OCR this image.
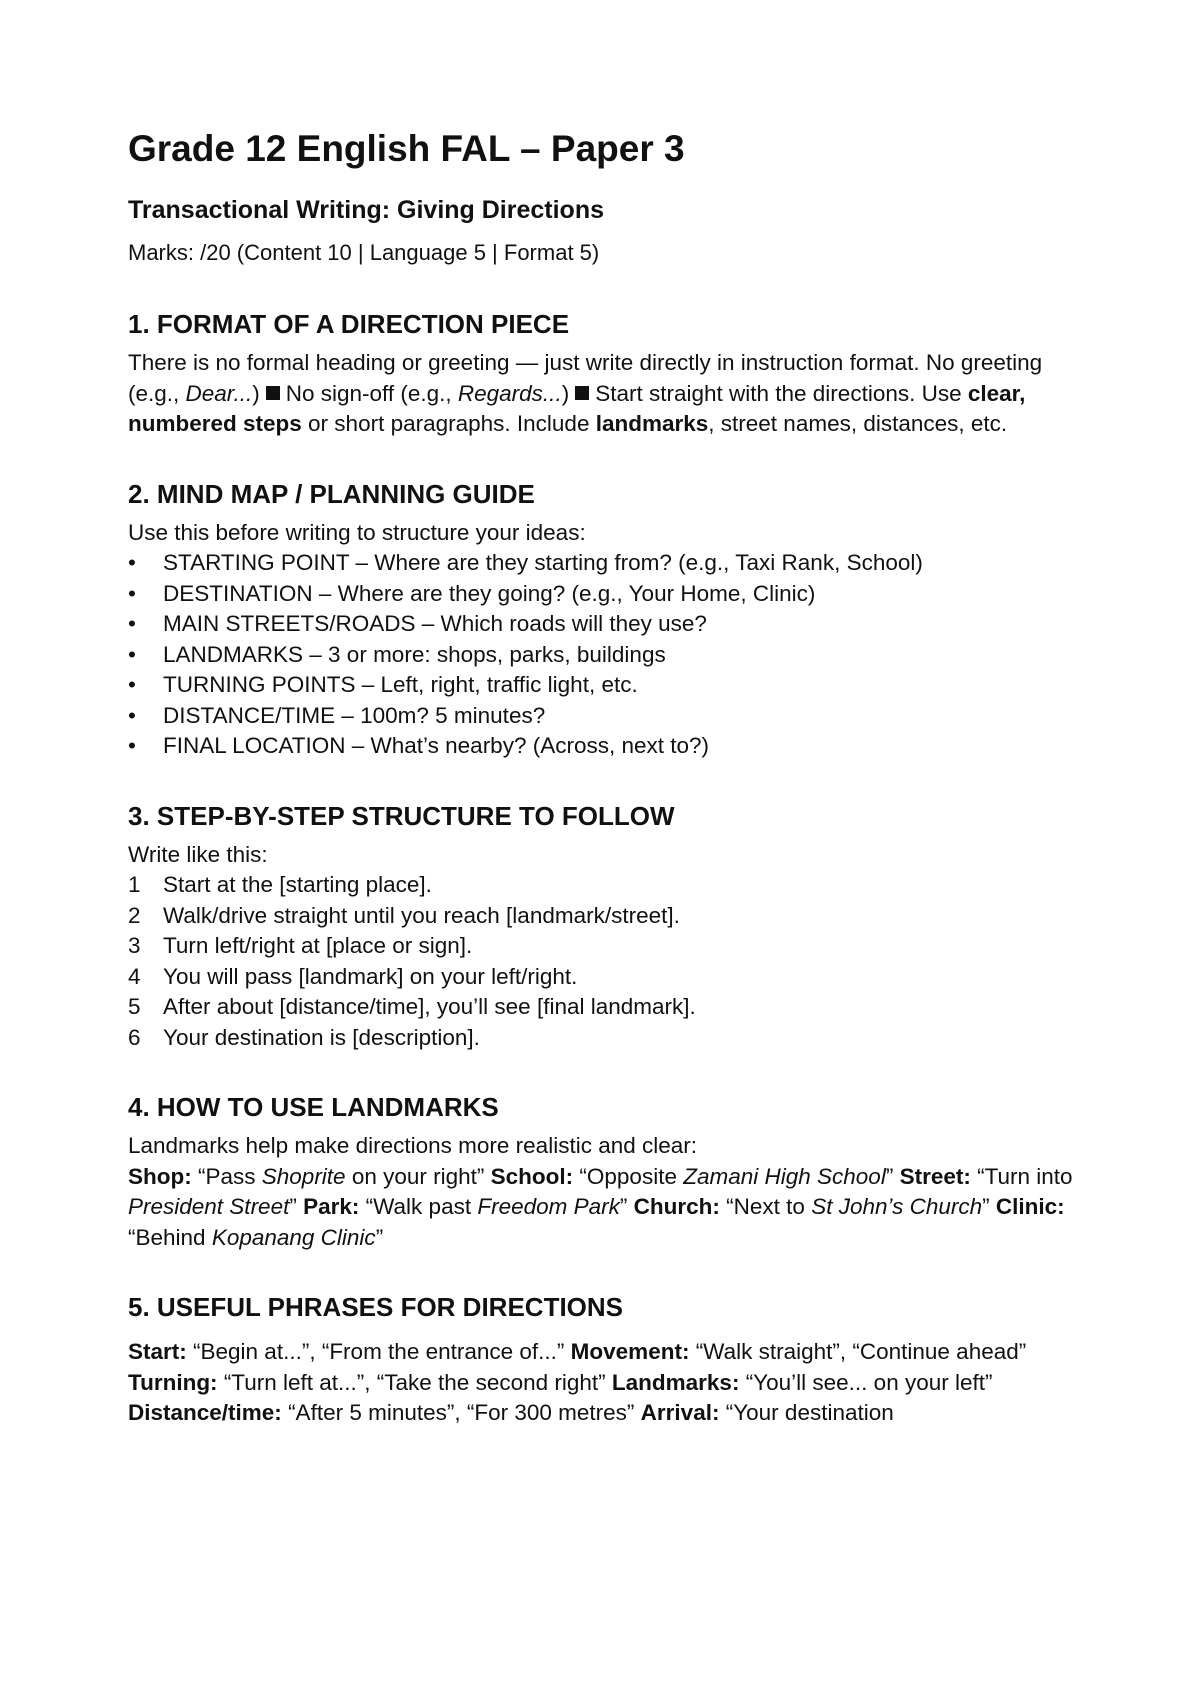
Grade 12 English FAL – Paper 3
Transactional Writing: Giving Directions
Marks: /20 (Content 10 | Language 5 | Format 5)
1. FORMAT OF A DIRECTION PIECE

There is no formal heading or greeting — just write directly in instruction format. No greeting (e.g., Dear...) No sign-off (e.g., Regards...) Start straight with the directions. Use clear, numbered steps or short paragraphs. Include landmarks, street names, distances, etc.

2. MIND MAP / PLANNING GUIDE

Use this before writing to structure your ideas:

•	STARTING POINT – Where are they starting from? (e.g., Taxi Rank, School)
•	DESTINATION – Where are they going? (e.g., Your Home, Clinic)
•	MAIN STREETS/ROADS – Which roads will they use?
•	LANDMARKS – 3 or more: shops, parks, buildings
•	TURNING POINTS – Left, right, traffic light, etc.
•	DISTANCE/TIME – 100m? 5 minutes?
•	FINAL LOCATION – What’s nearby? (Across, next to?)
3. STEP-BY-STEP STRUCTURE TO FOLLOW

Write like this:

1 Start at the [starting place].
2 Walk/drive straight until you reach [landmark/street].
3 Turn left/right at [place or sign].
4 You will pass [landmark] on your left/right.
5 After about [distance/time], you’ll see [final landmark].
6 Your destination is [description].
4. HOW TO USE LANDMARKS

Landmarks help make directions more realistic and clear:
Shop: “Pass Shoprite on your right” School: “Opposite Zamani High School” Street: “Turn into President Street” Park: “Walk past Freedom Park” Church: “Next to St John’s Church” Clinic: “Behind Kopanang Clinic”

5. USEFUL PHRASES FOR DIRECTIONS

Start: “Begin at...”, “From the entrance of...” Movement: “Walk straight”, “Continue ahead” Turning: “Turn left at...”, “Take the second right” Landmarks: “You’ll see... on your left” Distance/time: “After 5 minutes”, “For 300 metres” Arrival: “Your destination
